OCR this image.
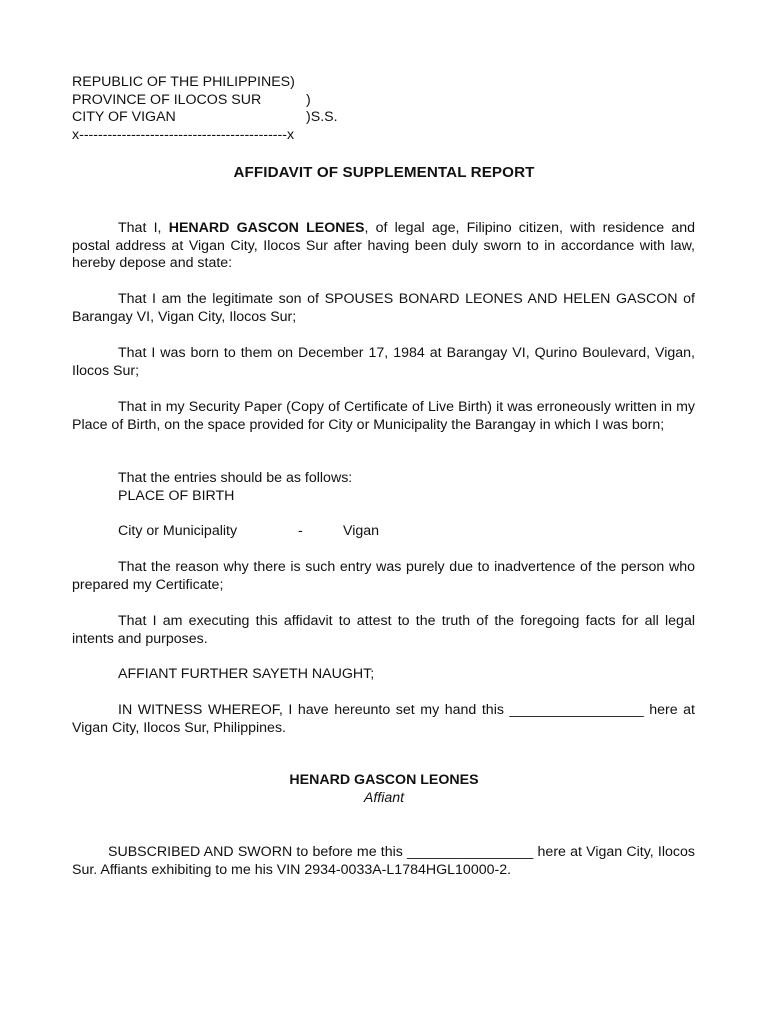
REPUBLIC OF THE PHILIPPINES)
PROVINCE OF ILOCOS SUR	)
CITY OF VIGAN	)S.S.
x--------------------------------------------x
AFFIDAVIT OF SUPPLEMENTAL REPORT

That I, HENARD GASCON LEONES, of legal age, Filipino citizen, with residence and postal address at Vigan City, Ilocos Sur after having been duly sworn to in accordance with law, hereby depose and state:

That I am the legitimate son of SPOUSES BONARD LEONES AND HELEN GASCON of Barangay VI, Vigan City, Ilocos Sur;

That I was born to them on December 17, 1984 at Barangay VI, Qurino Boulevard, Vigan, Ilocos Sur;

That in my Security Paper (Copy of Certificate of Live Birth) it was erroneously written in my Place of Birth, on the space provided for City or Municipality the Barangay in which I was born;

That the entries should be as follows:

PLACE OF BIRTH

City or Municipality	-	Vigan

That the reason why there is such entry was purely due to inadvertence of the person who prepared my Certificate;

That I am executing this affidavit to attest to the truth of the foregoing facts for all legal intents and purposes.

AFFIANT FURTHER SAYETH NAUGHT;

IN WITNESS WHEREOF, I have hereunto set my hand this _________________ here at Vigan City, Ilocos Sur, Philippines.

HENARD GASCON LEONES
Affiant

SUBSCRIBED AND SWORN to before me this ________________ here at Vigan City, Ilocos Sur. Affiants exhibiting to me his VIN 2934-0033A-L1784HGL10000-2.
